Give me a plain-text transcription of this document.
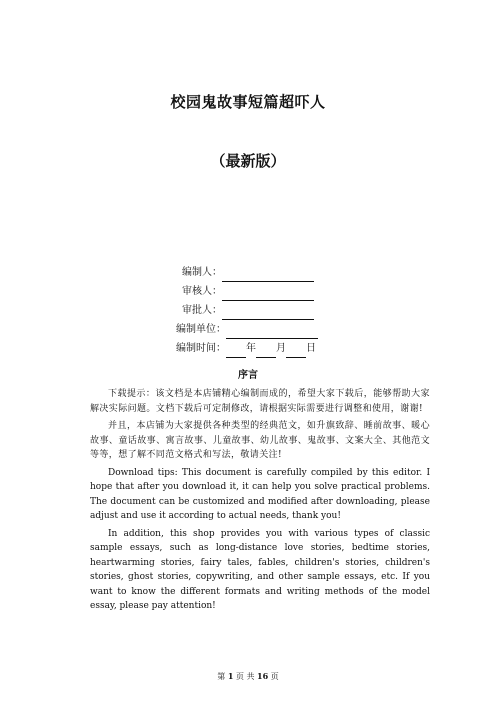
校园鬼故事短篇超吓人
（最新版）
编制人：
审核人：
审批人：
编制单位：
编制时间： 年 月 日
序言

下载提示：该文档是本店铺精心编制而成的，希望大家下载后，能够帮助大家解决实际问题。文档下载后可定制修改，请根据实际需要进行调整和使用，谢谢!

并且，本店铺为大家提供各种类型的经典范文，如升旗致辞、睡前故事、暖心故事、童话故事、寓言故事、儿童故事、幼儿故事、鬼故事、文案大全、其他范文等等，想了解不同范文格式和写法，敬请关注!

Download tips: This document is carefully compiled by this editor. I hope that after you download it, it can help you solve practical problems. The document can be customized and modified after downloading, please adjust and use it according to actual needs, thank you!

In addition, this shop provides you with various types of classic sample essays, such as long-distance love stories, bedtime stories, heartwarming stories, fairy tales, fables, children's stories, children's stories, ghost stories, copywriting, and other sample essays, etc. If you want to know the different formats and writing methods of the model essay, please pay attention!

第 1 页 共 16 页
